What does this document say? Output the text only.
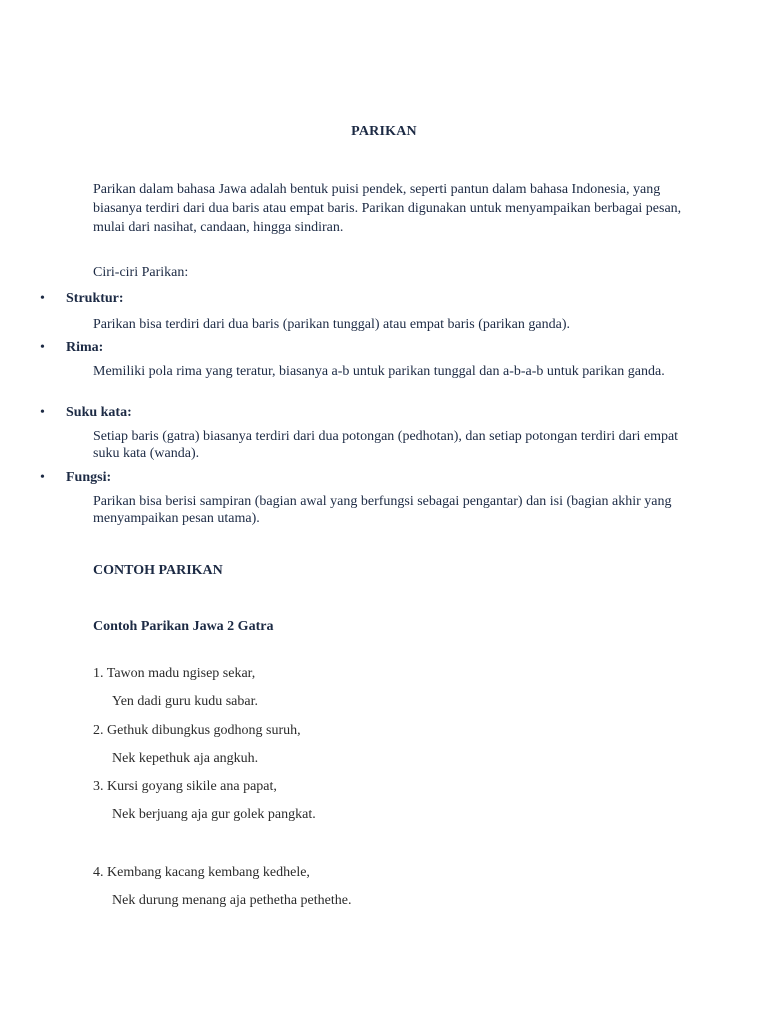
PARIKAN
Parikan dalam bahasa Jawa adalah bentuk puisi pendek, seperti pantun dalam bahasa Indonesia, yang biasanya terdiri dari dua baris atau empat baris. Parikan digunakan untuk menyampaikan berbagai pesan, mulai dari nasihat, candaan, hingga sindiran.
Ciri-ciri Parikan:
• Struktur:
Parikan bisa terdiri dari dua baris (parikan tunggal) atau empat baris (parikan ganda).
• Rima:
Memiliki pola rima yang teratur, biasanya a-b untuk parikan tunggal dan a-b-a-b untuk parikan ganda.
• Suku kata:
Setiap baris (gatra) biasanya terdiri dari dua potongan (pedhotan), dan setiap potongan terdiri dari empat suku kata (wanda).
• Fungsi:
Parikan bisa berisi sampiran (bagian awal yang berfungsi sebagai pengantar) dan isi (bagian akhir yang menyampaikan pesan utama).
CONTOH PARIKAN
Contoh Parikan Jawa 2 Gatra
1. Tawon madu ngisep sekar,
Yen dadi guru kudu sabar.
2. Gethuk dibungkus godhong suruh,
Nek kepethuk aja angkuh.
3. Kursi goyang sikile ana papat,
Nek berjuang aja gur golek pangkat.
4. Kembang kacang kembang kedhele,
Nek durung menang aja pethetha pethethe.
